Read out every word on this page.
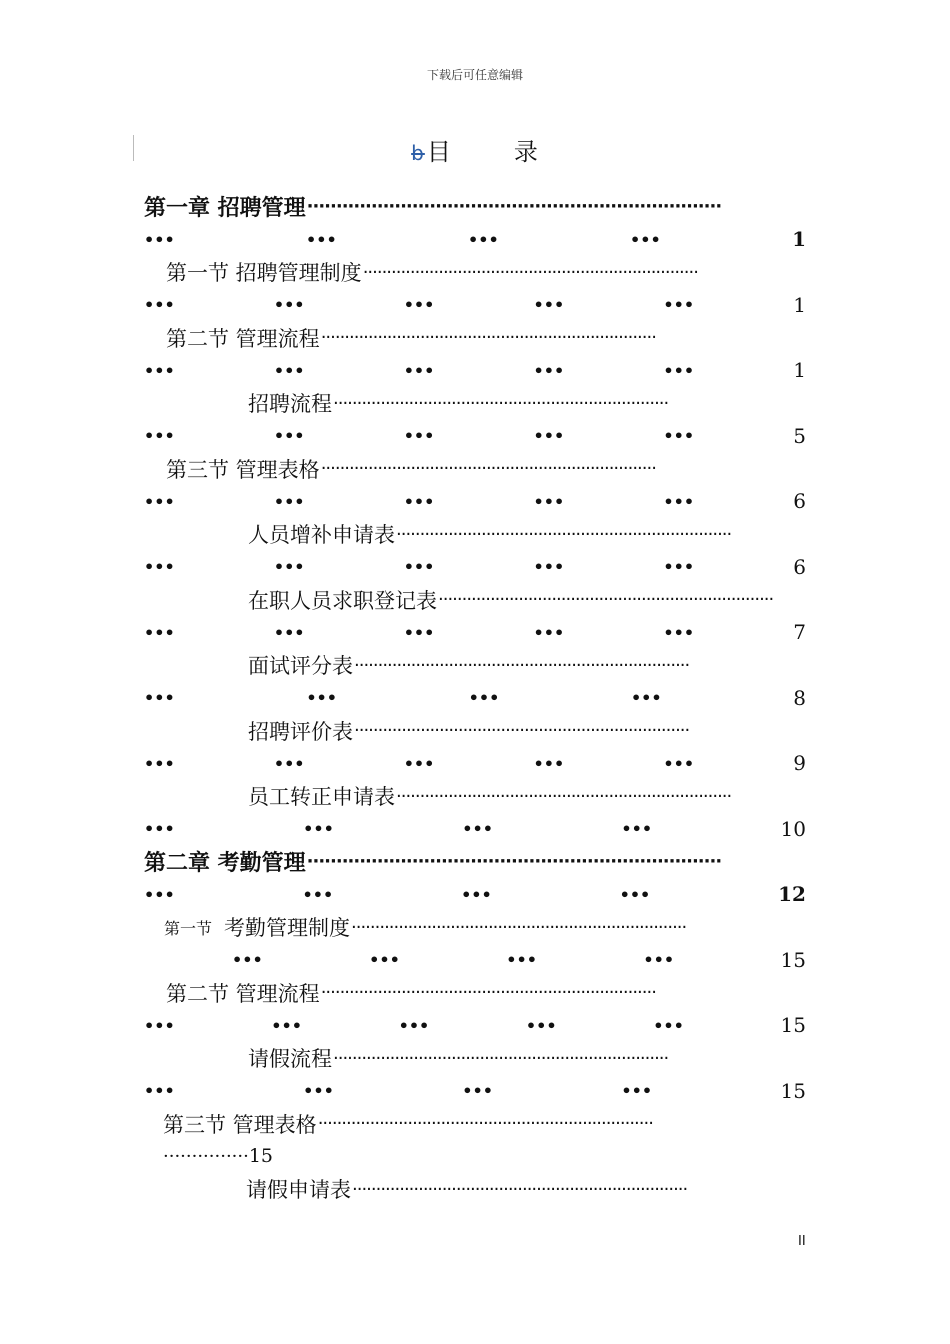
下载后可任意编辑
b目	录
第一章 招聘管理 ·······································································
•••	•••	•••	•••	1
第一节 招聘管理制度 ·······································································
•••	•••	•••	•••	•••	1
第二节 管理流程 ·······································································
•••	•••	•••	•••	•••	1
招聘流程 ·······································································
•••	•••	•••	•••	•••	5
第三节 管理表格 ·······································································
•••	•••	•••	•••	•••	6
人员增补申请表 ·······································································
•••	•••	•••	•••	•••	6
在职人员求职登记表 ·······································································
•••	•••	•••	•••	•••	7
面试评分表 ·······································································
•••	•••	•••	•••	8
招聘评价表 ·······································································
•••	•••	•••	•••	•••	9
员工转正申请表 ·······································································
•••	•••	•••	•••	10
第二章 考勤管理 ·······································································
•••	•••	•••	•••	12
第一节 考勤管理制度 ·······································································
•••	•••	•••	•••	15
第二节 管理流程 ·······································································
•••	•••	•••	•••	•••	15
请假流程 ·······································································
•••	•••	•••	•••	15
第三节 管理表格 ·······································································
··············· 15
请假申请表 ·······································································
II
